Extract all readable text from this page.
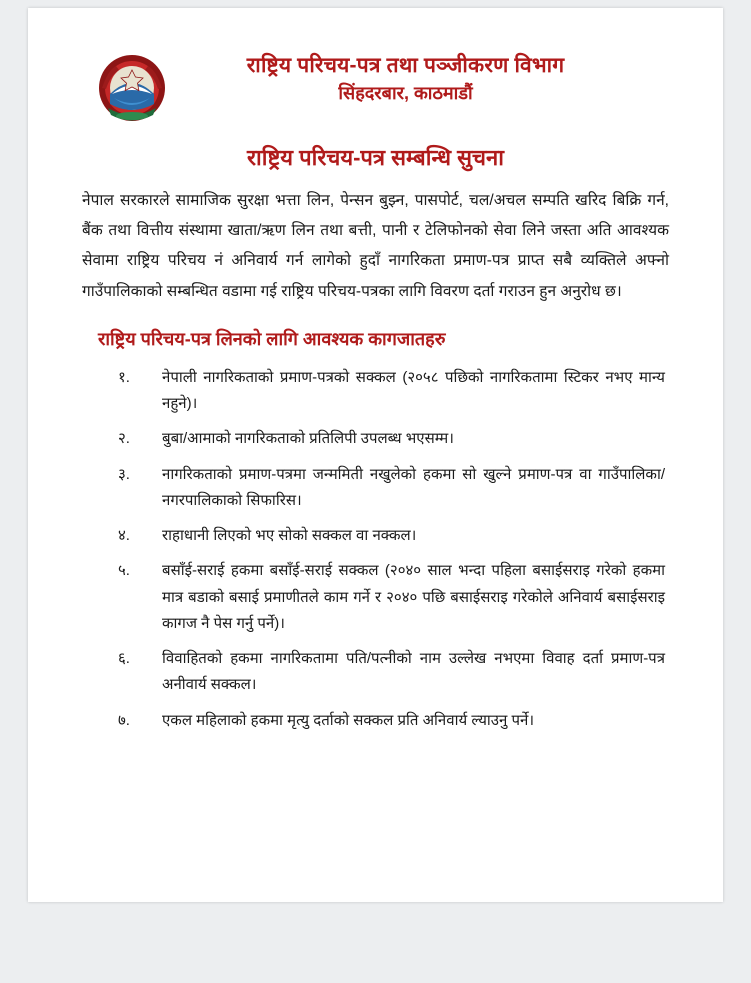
राष्ट्रिय परिचय-पत्र तथा पञ्जीकरण विभाग
सिंहदरबार, काठमाडौं
राष्ट्रिय परिचय-पत्र सम्बन्धि सुचना
नेपाल सरकारले सामाजिक सुरक्षा भत्ता लिन, पेन्सन बुझ्न, पासपोर्ट, चल/अचल सम्पति खरिद बिक्रि गर्न, बैंक तथा वित्तीय संस्थामा खाता/ऋण लिन तथा बत्ती, पानी र टेलिफोनको सेवा लिने जस्ता अति आवश्यक सेवामा राष्ट्रिय परिचय नं अनिवार्य गर्न लागेको हुदाँ नागरिकता प्रमाण-पत्र प्राप्त सबै व्यक्तिले अफ्नो गाउँपालिकाको सम्बन्धित वडामा गई राष्ट्रिय परिचय-पत्रका लागि विवरण दर्ता गराउन हुन अनुरोध छ।
राष्ट्रिय परिचय-पत्र लिनको लागि आवश्यक कागजातहरु
१.	नेपाली नागरिकताको प्रमाण-पत्रको सक्कल (२०५८ पछिको नागरिकतामा स्टिकर नभए मान्य नहुने)।
२.	बुबा/आमाको नागरिकताको प्रतिलिपी उपलब्ध भएसम्म।
३.	नागरिकताको प्रमाण-पत्रमा जन्ममिती नखुलेको हकमा सो खुल्ने प्रमाण-पत्र वा गाउँपालिका/नगरपालिकाको सिफारिस।
४.	राहाधानी लिएको भए सोको सक्कल वा नक्कल।
५.	बसाँई-सराई हकमा बसाँई-सराई सक्कल (२०४० साल भन्दा पहिला बसाईसराइ गरेको हकमा मात्र बडाको बसाई प्रमाणीतले काम गर्ने र २०४० पछि बसाईसराइ गरेकोले अनिवार्य बसाईसराइ कागज नै पेस गर्नु पर्ने)।
६.	विवाहितको हकमा नागरिकतामा पति/पत्नीको नाम उल्लेख नभएमा विवाह दर्ता प्रमाण-पत्र अनीवार्य सक्कल।
७.	एकल महिलाको हकमा मृत्यु दर्ताको सक्कल प्रति अनिवार्य ल्याउनु पर्ने।
